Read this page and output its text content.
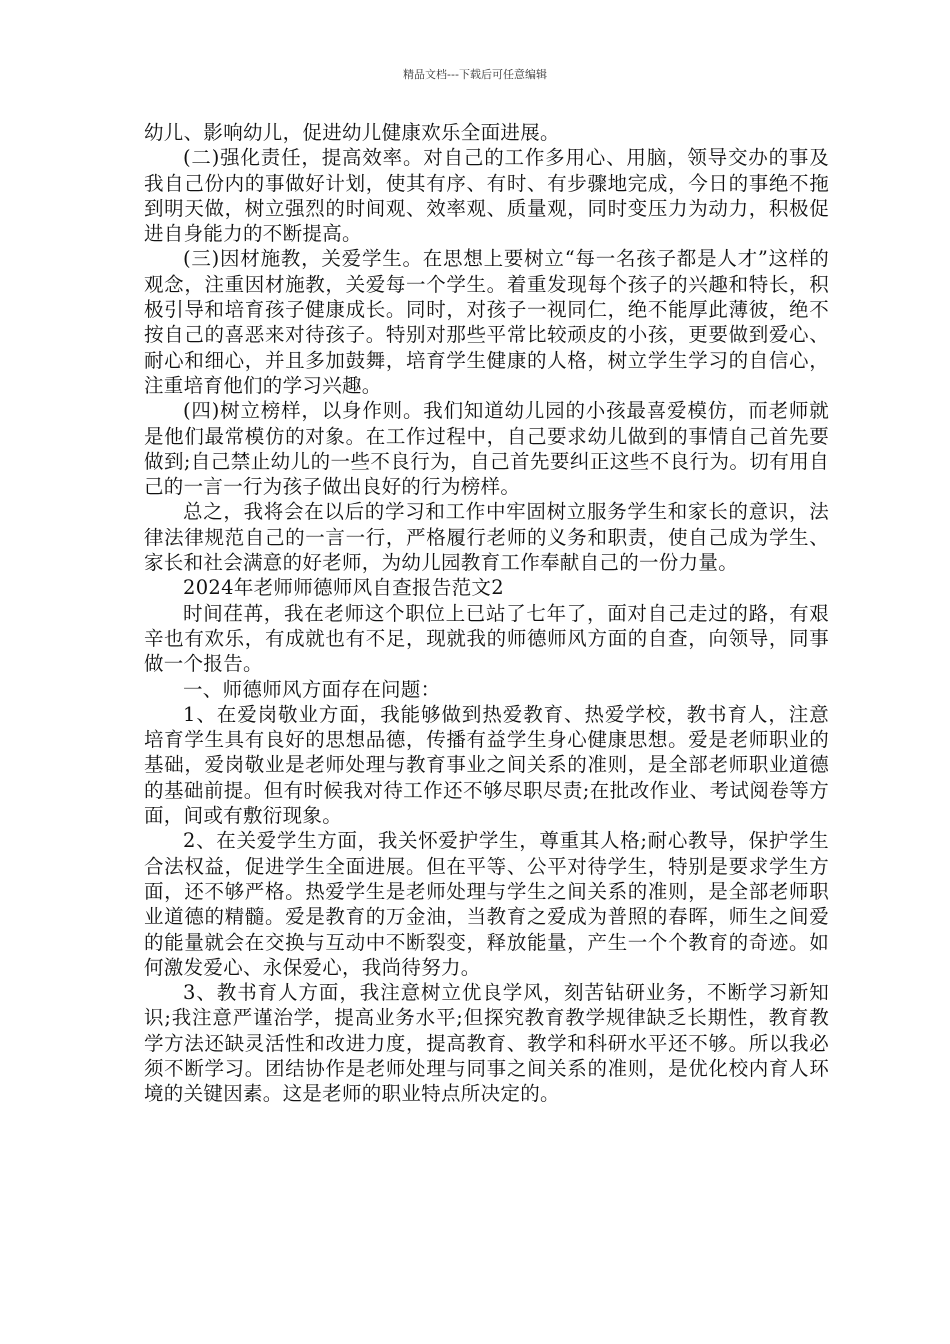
精品文档---下载后可任意编辑

幼儿、影响幼儿，促进幼儿健康欢乐全面进展。

(二)强化责任，提高效率。对自己的工作多用心、用脑，领导交办的事及我自己份内的事做好计划，使其有序、有时、有步骤地完成，今日的事绝不拖到明天做，树立强烈的时间观、效率观、质量观，同时变压力为动力，积极促进自身能力的不断提高。

(三)因材施教，关爱学生。在思想上要树立“每一名孩子都是人才”这样的观念，注重因材施教，关爱每一个学生。着重发现每个孩子的兴趣和特长，积极引导和培育孩子健康成长。同时，对孩子一视同仁，绝不能厚此薄彼，绝不按自己的喜恶来对待孩子。特别对那些平常比较顽皮的小孩，更要做到爱心、耐心和细心，并且多加鼓舞，培育学生健康的人格，树立学生学习的自信心，注重培育他们的学习兴趣。

(四)树立榜样，以身作则。我们知道幼儿园的小孩最喜爱模仿，而老师就是他们最常模仿的对象。在工作过程中，自己要求幼儿做到的事情自己首先要做到;自己禁止幼儿的一些不良行为，自己首先要纠正这些不良行为。切有用自己的一言一行为孩子做出良好的行为榜样。

总之，我将会在以后的学习和工作中牢固树立服务学生和家长的意识，法律法律规范自己的一言一行，严格履行老师的义务和职责，使自己成为学生、家长和社会满意的好老师，为幼儿园教育工作奉献自己的一份力量。

2024年老师师德师风自查报告范文2

时间荏苒，我在老师这个职位上已站了七年了，面对自己走过的路，有艰辛也有欢乐，有成就也有不足，现就我的师德师风方面的自查，向领导，同事做一个报告。

一、师德师风方面存在问题：

1、在爱岗敬业方面，我能够做到热爱教育、热爱学校，教书育人，注意培育学生具有良好的思想品德，传播有益学生身心健康思想。爱是老师职业的基础，爱岗敬业是老师处理与教育事业之间关系的准则，是全部老师职业道德的基础前提。但有时候我对待工作还不够尽职尽责;在批改作业、考试阅卷等方面，间或有敷衍现象。

2、在关爱学生方面，我关怀爱护学生，尊重其人格;耐心教导，保护学生合法权益，促进学生全面进展。但在平等、公平对待学生，特别是要求学生方面，还不够严格。热爱学生是老师处理与学生之间关系的准则，是全部老师职业道德的精髓。爱是教育的万金油，当教育之爱成为普照的春晖，师生之间爱的能量就会在交换与互动中不断裂变，释放能量，产生一个个教育的奇迹。如何激发爱心、永保爱心，我尚待努力。

3、教书育人方面，我注意树立优良学风，刻苦钻研业务，不断学习新知识;我注意严谨治学，提高业务水平;但探究教育教学规律缺乏长期性，教育教学方法还缺灵活性和改进力度，提高教育、教学和科研水平还不够。所以我必须不断学习。团结协作是老师处理与同事之间关系的准则，是优化校内育人环境的关键因素。这是老师的职业特点所决定的。
